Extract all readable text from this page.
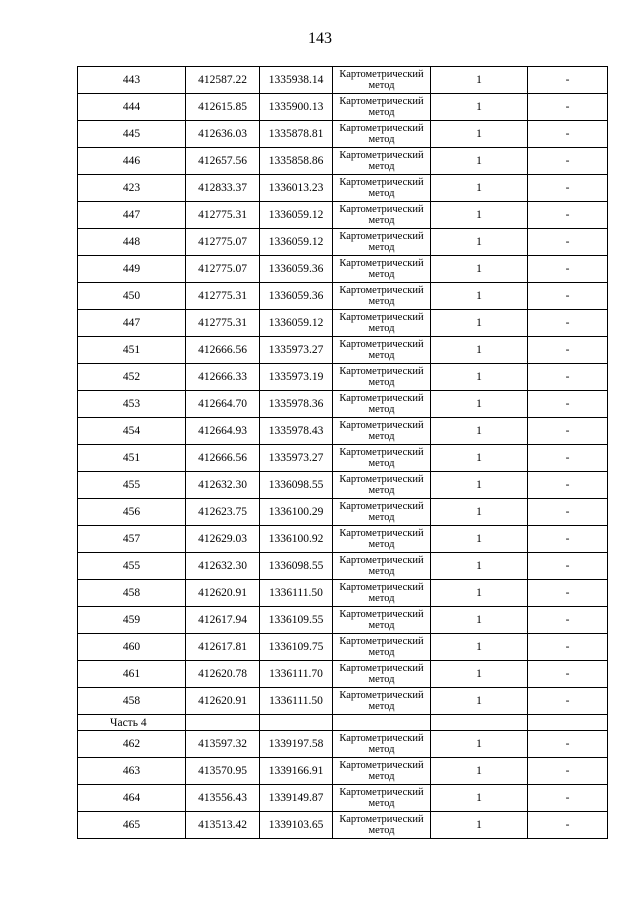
143
443	412587.22	1335938.14	Картометрический метод	1	-
444	412615.85	1335900.13	Картометрический метод	1	-
445	412636.03	1335878.81	Картометрический метод	1	-
446	412657.56	1335858.86	Картометрический метод	1	-
423	412833.37	1336013.23	Картометрический метод	1	-
447	412775.31	1336059.12	Картометрический метод	1	-
448	412775.07	1336059.12	Картометрический метод	1	-
449	412775.07	1336059.36	Картометрический метод	1	-
450	412775.31	1336059.36	Картометрический метод	1	-
447	412775.31	1336059.12	Картометрический метод	1	-
451	412666.56	1335973.27	Картометрический метод	1	-
452	412666.33	1335973.19	Картометрический метод	1	-
453	412664.70	1335978.36	Картометрический метод	1	-
454	412664.93	1335978.43	Картометрический метод	1	-
451	412666.56	1335973.27	Картометрический метод	1	-
455	412632.30	1336098.55	Картометрический метод	1	-
456	412623.75	1336100.29	Картометрический метод	1	-
457	412629.03	1336100.92	Картометрический метод	1	-
455	412632.30	1336098.55	Картометрический метод	1	-
458	412620.91	1336111.50	Картометрический метод	1	-
459	412617.94	1336109.55	Картометрический метод	1	-
460	412617.81	1336109.75	Картометрический метод	1	-
461	412620.78	1336111.70	Картометрический метод	1	-
458	412620.91	1336111.50	Картометрический метод	1	-
Часть 4					
462	413597.32	1339197.58	Картометрический метод	1	-
463	413570.95	1339166.91	Картометрический метод	1	-
464	413556.43	1339149.87	Картометрический метод	1	-
465	413513.42	1339103.65	Картометрический метод	1	-
